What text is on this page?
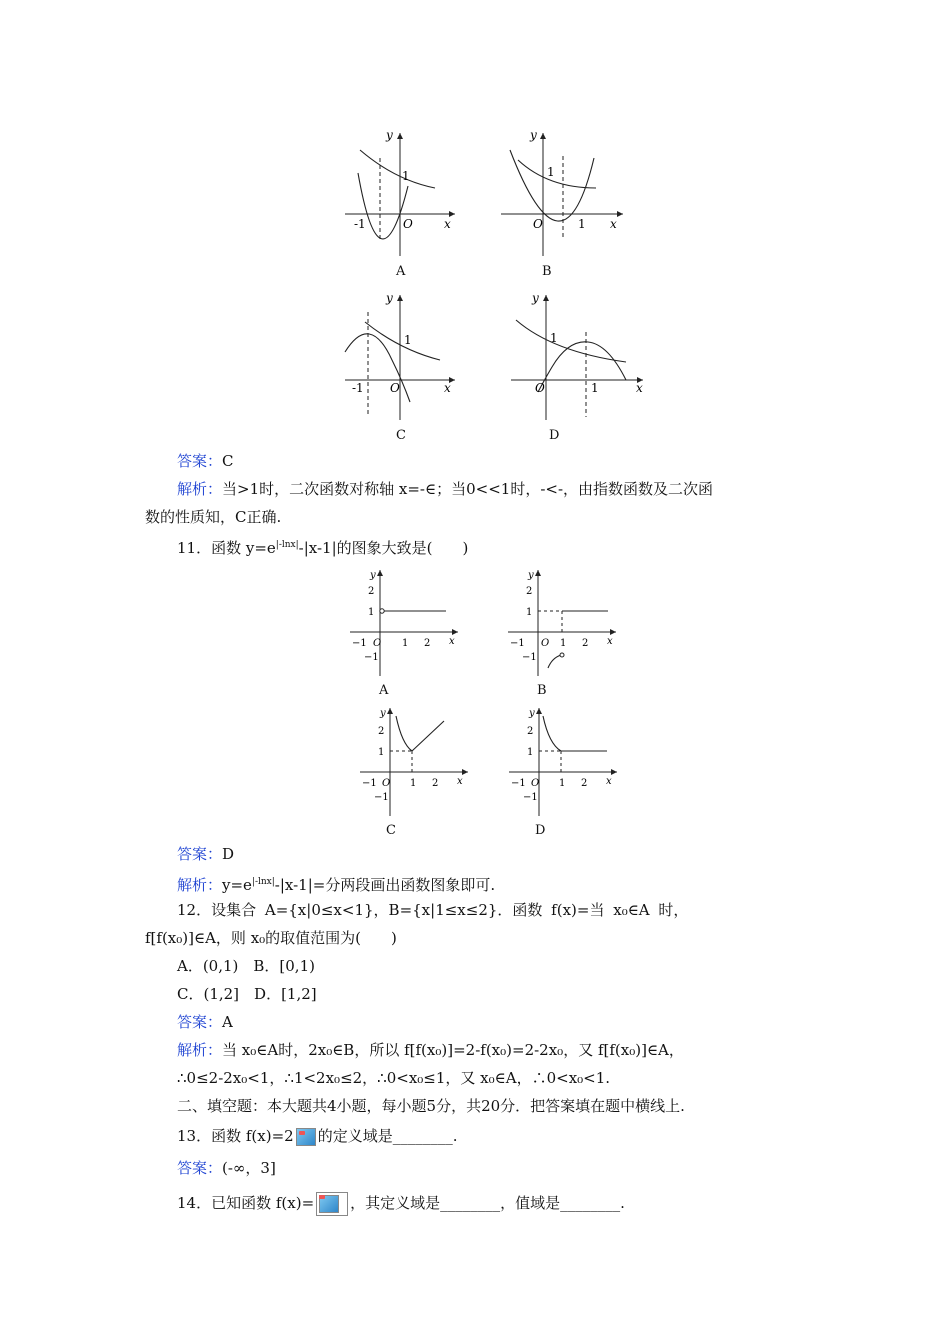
y
x
O
1
-1
A
y
x
O
1
1
B
y
x
O
1
-1
C
y
x
O
1
1
D
答案：C
解析：当>1时，二次函数对称轴 x=-∈；当0<<1时，-<-，由指数函数及二次函
数的性质知，C正确.
11．函数 $y=e^{|-lnx|}-|x-1|$的图象大致是(　　)
y
2
1
−1 O 1 2 x
−1
A
y
2
1
−1 O 1 2 x
−1
B
y
2
1
−1 O 1 2 x
−1
C
y
2
1
−1 O 1 2 x
−1
D
答案：D
解析：$y=e^{|-lnx|}-|x-1|=$分两段画出函数图象即可.
12．设集合 A={x|0≤x<1}，B={x|1≤x≤2}．函数 f(x)=当 x₀∈A 时，
f[f(x₀)]∈A，则 x₀的取值范围为(　　)
A．(0,1)　B．[0,1)
C．(1,2]　D．[1,2]
答案：A
解析：当 x₀∈A时，2x₀∈B，所以 f[f(x₀)]=2-f(x₀)=2-2x₀，又 f[f(x₀)]∈A，
∴0≤2-2x₀<1，∴1<2x₀≤2，∴0<x₀≤1，又 x₀∈A，∴0<x₀<1.
二、填空题：本大题共4小题，每小题5分，共20分．把答案填在题中横线上.
13．函数 f(x)=2 的定义域是________.
答案：(-∞，3]
14．已知函数 f(x)= ，其定义域是________，值域是________.
